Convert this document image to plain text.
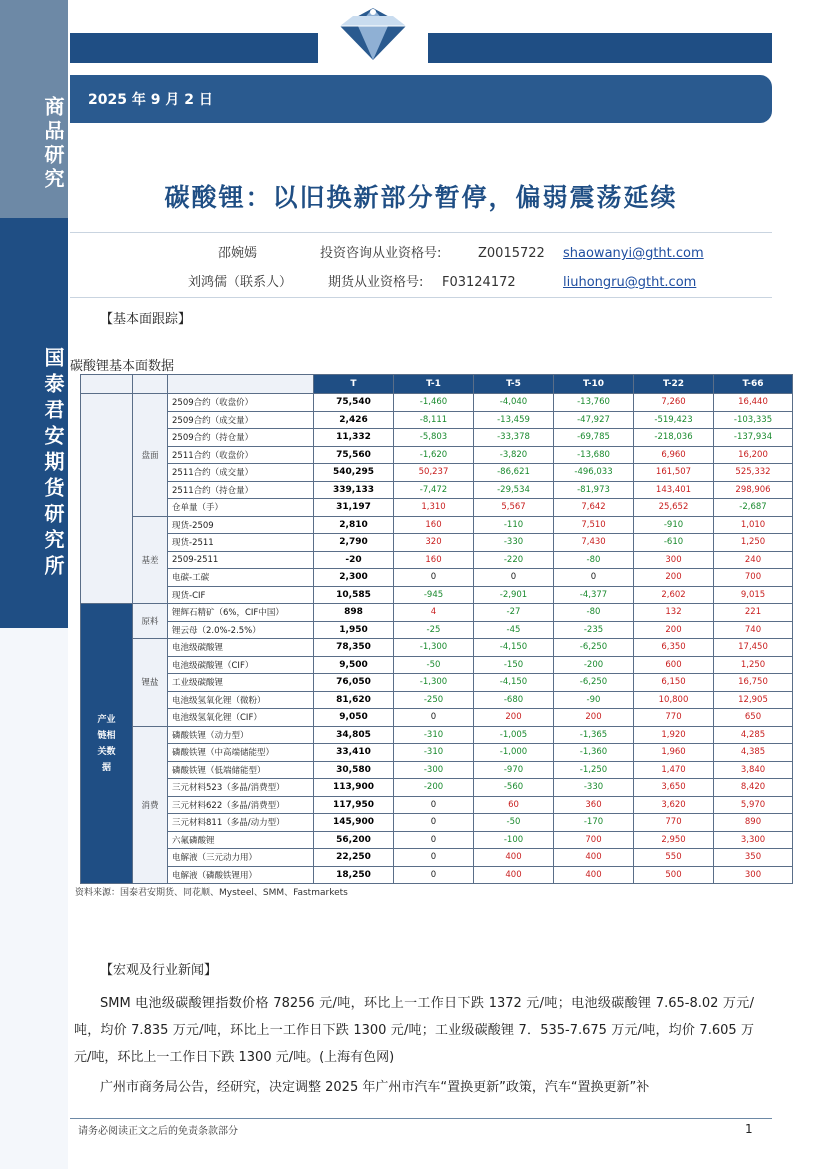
商品研究
国泰君安期货研究所
2025 年 9 月 2 日
碳酸锂：以旧换新部分暂停，偏弱震荡延续
邵婉嫣	投资咨询从业资格号:	Z0015722 shaowanyi@gtht.com
刘鸿儒（联系人）	期货从业资格号: F03124172	liuhongru@gtht.com
【基本面跟踪】
碳酸锂基本面数据
			T	T-1	T-5	T-10	T-22	T-66
	盘面	2509合约（收盘价）	75,540	-1,460	-4,040	-13,760	7,260	16,440
		2509合约（成交量）	2,426	-8,111	-13,459	-47,927	-519,423	-103,335
		2509合约（持仓量）	11,332	-5,803	-33,378	-69,785	-218,036	-137,934
		2511合约（收盘价）	75,560	-1,620	-3,820	-13,680	6,960	16,200
		2511合约（成交量）	540,295	50,237	-86,621	-496,033	161,507	525,332
		2511合约（持仓量）	339,133	-7,472	-29,534	-81,973	143,401	298,906
		仓单量（手）	31,197	1,310	5,567	7,642	25,652	-2,687
	基差	现货-2509	2,810	160	-110	7,510	-910	1,010
		现货-2511	2,790	320	-330	7,430	-610	1,250
		2509-2511	-20	160	-220	-80	300	240
		电碳-工碳	2,300	0	0	0	200	700
		现货-CIF	10,585	-945	-2,901	-4,377	2,602	9,015
产业链相关数据	原料	锂辉石精矿（6%，CIF中国）	898	4	-27	-80	132	221
		锂云母（2.0%-2.5%）	1,950	-25	-45	-235	200	740
	锂盐	电池级碳酸锂	78,350	-1,300	-4,150	-6,250	6,350	17,450
		电池级碳酸锂（CIF）	9,500	-50	-150	-200	600	1,250
		工业级碳酸锂	76,050	-1,300	-4,150	-6,250	6,150	16,750
		电池级氢氧化锂（微粉）	81,620	-250	-680	-90	10,800	12,905
		电池级氢氧化锂（CIF）	9,050	0	200	200	770	650
	消费	磷酸铁锂（动力型）	34,805	-310	-1,005	-1,365	1,920	4,285
		磷酸铁锂（中高端储能型）	33,410	-310	-1,000	-1,360	1,960	4,385
		磷酸铁锂（低端储能型）	30,580	-300	-970	-1,250	1,470	3,840
		三元材料523（多晶/消费型）	113,900	-200	-560	-330	3,650	8,420
		三元材料622（多晶/消费型）	117,950	0	60	360	3,620	5,970
		三元材料811（多晶/动力型）	145,900	0	-50	-170	770	890
		六氟磷酸锂	56,200	0	-100	700	2,950	3,300
		电解液（三元动力用）	22,250	0	400	400	550	350
		电解液（磷酸铁锂用）	18,250	0	400	400	500	300
资料来源：国泰君安期货、同花顺、Mysteel、SMM、Fastmarkets
【宏观及行业新闻】
SMM 电池级碳酸锂指数价格 78256 元/吨，环比上一工作日下跌 1372 元/吨；电池级碳酸锂 7.65-8.02 万元/吨，均价 7.835 万元/吨，环比上一工作日下跌 1300 元/吨；工业级碳酸锂 7．535-7.675 万元/吨，均价 7.605 万元/吨，环比上一工作日下跌 1300 元/吨。(上海有色网)
广州市商务局公告，经研究，决定调整 2025 年广州市汽车“置换更新”政策，汽车“置换更新”补
请务必阅读正文之后的免责条款部分	1
